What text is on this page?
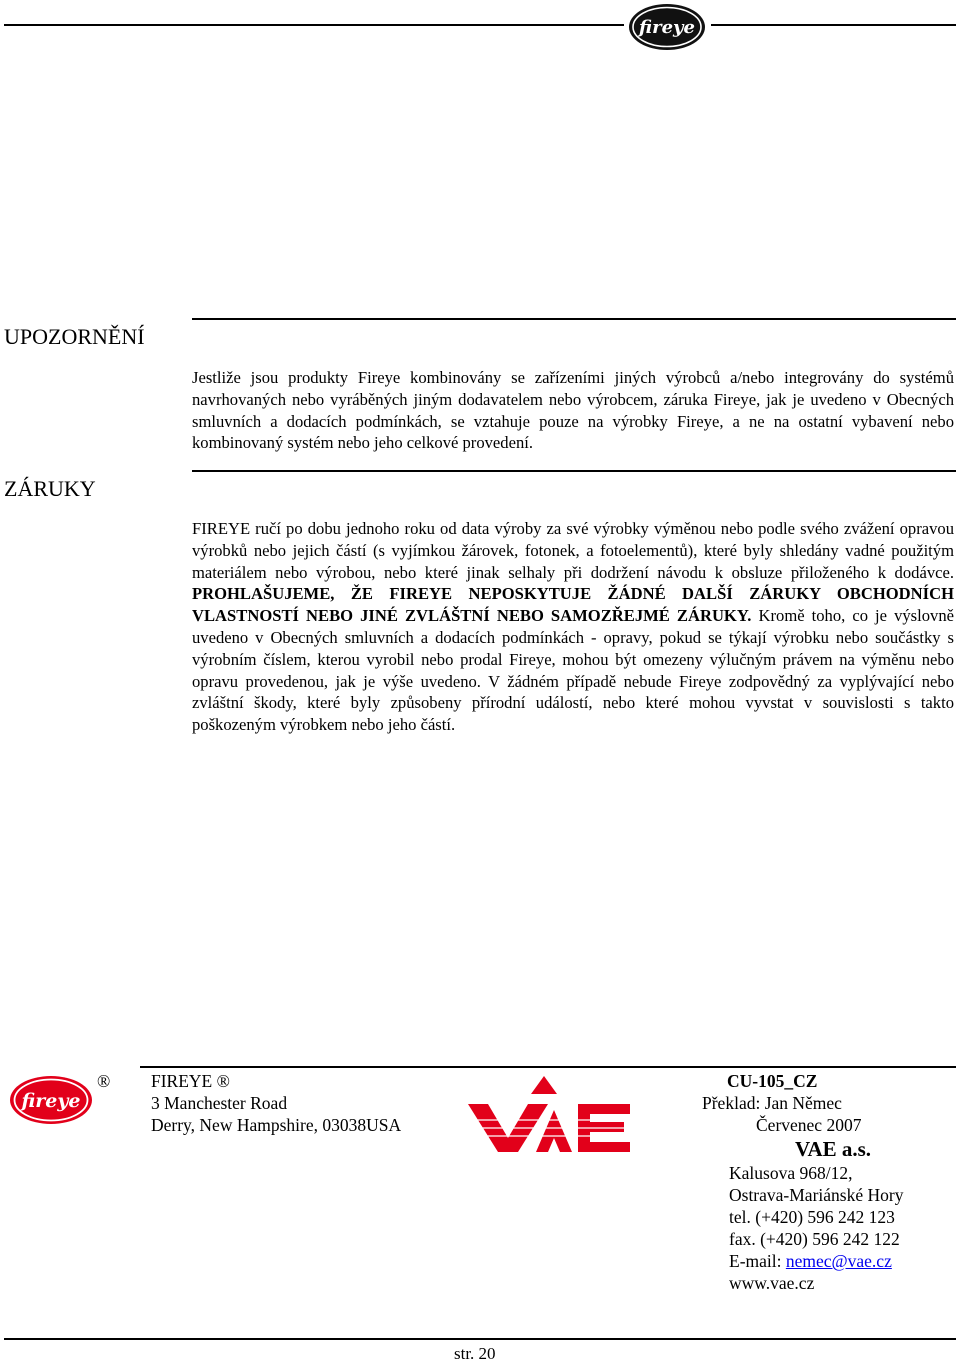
fireye
UPOZORNĚNÍ
Jestliže jsou produkty Fireye kombinovány se zařízeními jiných výrobců a/nebo integrovány do systémů navrhovaných nebo vyráběných jiným dodavatelem nebo výrobcem, záruka Fireye, jak je uvedeno v Obecných smluvních a dodacích podmínkách, se vztahuje pouze na výrobky Fireye, a ne na ostatní vybavení nebo kombinovaný systém nebo jeho celkové provedení.
ZÁRUKY
FIREYE ručí po dobu jednoho roku od data výroby za své výrobky výměnou nebo podle svého zvážení opravou výrobků nebo jejich částí (s vyjímkou žárovek, fotonek, a fotoelementů), které byly shledány vadné použitým materiálem nebo výrobou, nebo které jinak selhaly při dodržení návodu k obsluze přiloženého k dodávce. PROHLAŠUJEME, ŽE FIREYE NEPOSKYTUJE ŽÁDNÉ DALŠÍ ZÁRUKY OBCHODNÍCH VLASTNOSTÍ NEBO JINÉ ZVLÁŠTNÍ NEBO SAMOZŘEJMÉ ZÁRUKY. Kromě toho, co je výslovně uvedeno v Obecných smluvních a dodacích podmínkách - opravy, pokud se týkají výrobku nebo součástky s výrobním číslem, kterou vyrobil nebo prodal Fireye, mohou být omezeny výlučným právem na výměnu nebo opravu provedenou, jak je výše uvedeno. V žádném případě nebude Fireye zodpovědný za vyplývající nebo zvláštní škody, které byly způsobeny přírodní událostí, nebo které mohou vyvstat v souvislosti s takto poškozeným výrobkem nebo jeho částí.
fireye
® FIREYE ®
3 Manchester Road
Derry, New Hampshire, 03038USA
VAE
CU-105_CZ
Překlad: Jan Němec
Červenec 2007
VAE a.s.
Kalusova 968/12,
Ostrava-Mariánské Hory
tel. (+420) 596 242 123
fax. (+420) 596 242 122
E-mail: nemec@vae.cz
www.vae.cz
str. 20
